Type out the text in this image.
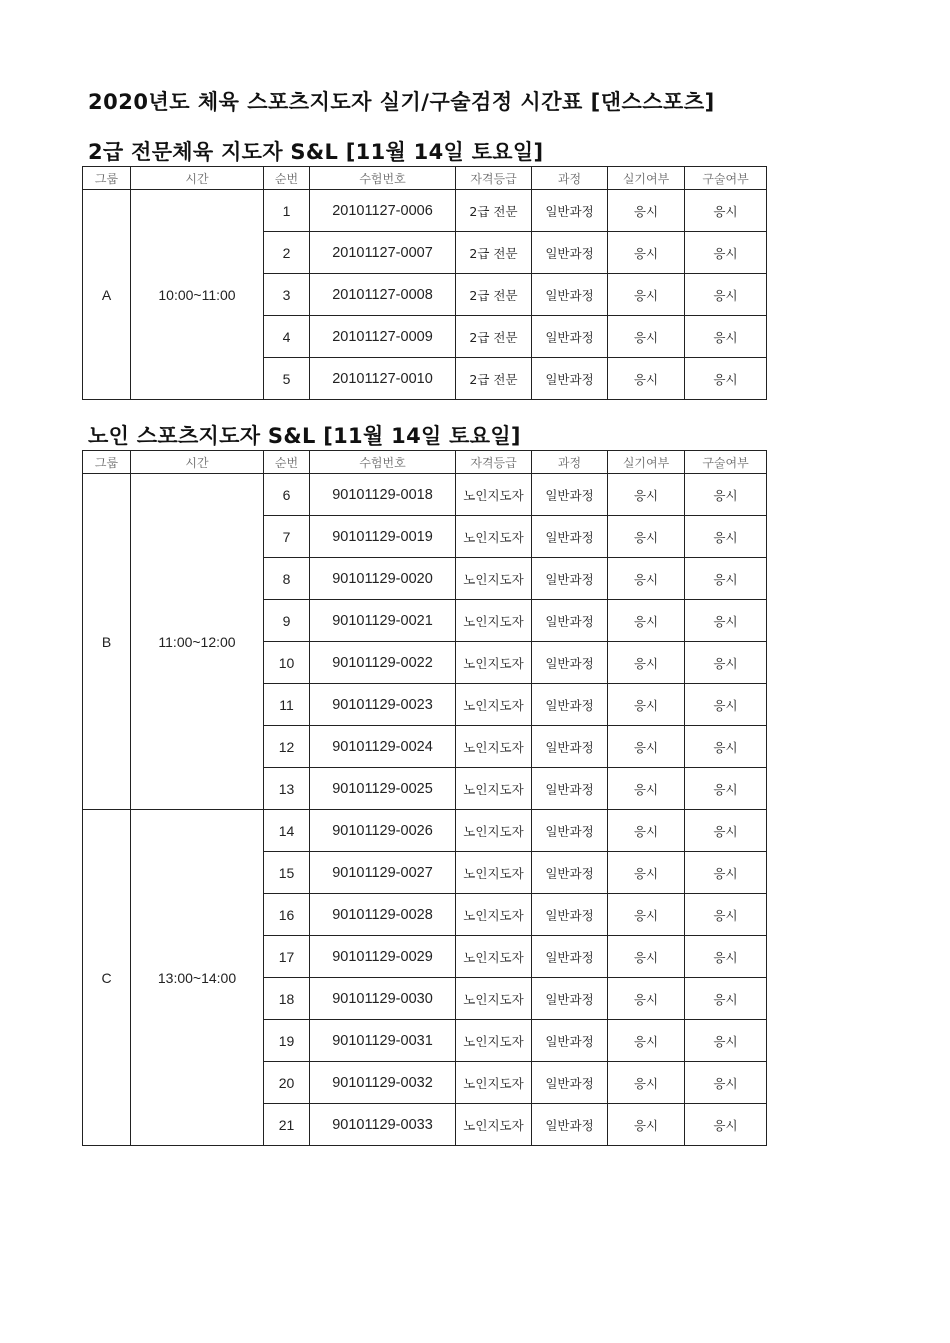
2020년도 체육 스포츠지도자 실기/구술검정 시간표 [댄스스포츠]
2급 전문체육 지도자 S&L [11월 14일 토요일]
그룹	시간	순번	수험번호	자격등급	과정	실기여부	구술여부
A	10:00~11:00	1	20101127-0006	2급 전문	일반과정	응시	응시
		2	20101127-0007	2급 전문	일반과정	응시	응시
		3	20101127-0008	2급 전문	일반과정	응시	응시
		4	20101127-0009	2급 전문	일반과정	응시	응시
		5	20101127-0010	2급 전문	일반과정	응시	응시
노인 스포츠지도자 S&L [11월 14일 토요일]
그룹	시간	순번	수험번호	자격등급	과정	실기여부	구술여부
B	11:00~12:00	6	90101129-0018	노인지도자	일반과정	응시	응시
		7	90101129-0019	노인지도자	일반과정	응시	응시
		8	90101129-0020	노인지도자	일반과정	응시	응시
		9	90101129-0021	노인지도자	일반과정	응시	응시
		10	90101129-0022	노인지도자	일반과정	응시	응시
		11	90101129-0023	노인지도자	일반과정	응시	응시
		12	90101129-0024	노인지도자	일반과정	응시	응시
		13	90101129-0025	노인지도자	일반과정	응시	응시
C	13:00~14:00	14	90101129-0026	노인지도자	일반과정	응시	응시
		15	90101129-0027	노인지도자	일반과정	응시	응시
		16	90101129-0028	노인지도자	일반과정	응시	응시
		17	90101129-0029	노인지도자	일반과정	응시	응시
		18	90101129-0030	노인지도자	일반과정	응시	응시
		19	90101129-0031	노인지도자	일반과정	응시	응시
		20	90101129-0032	노인지도자	일반과정	응시	응시
		21	90101129-0033	노인지도자	일반과정	응시	응시
